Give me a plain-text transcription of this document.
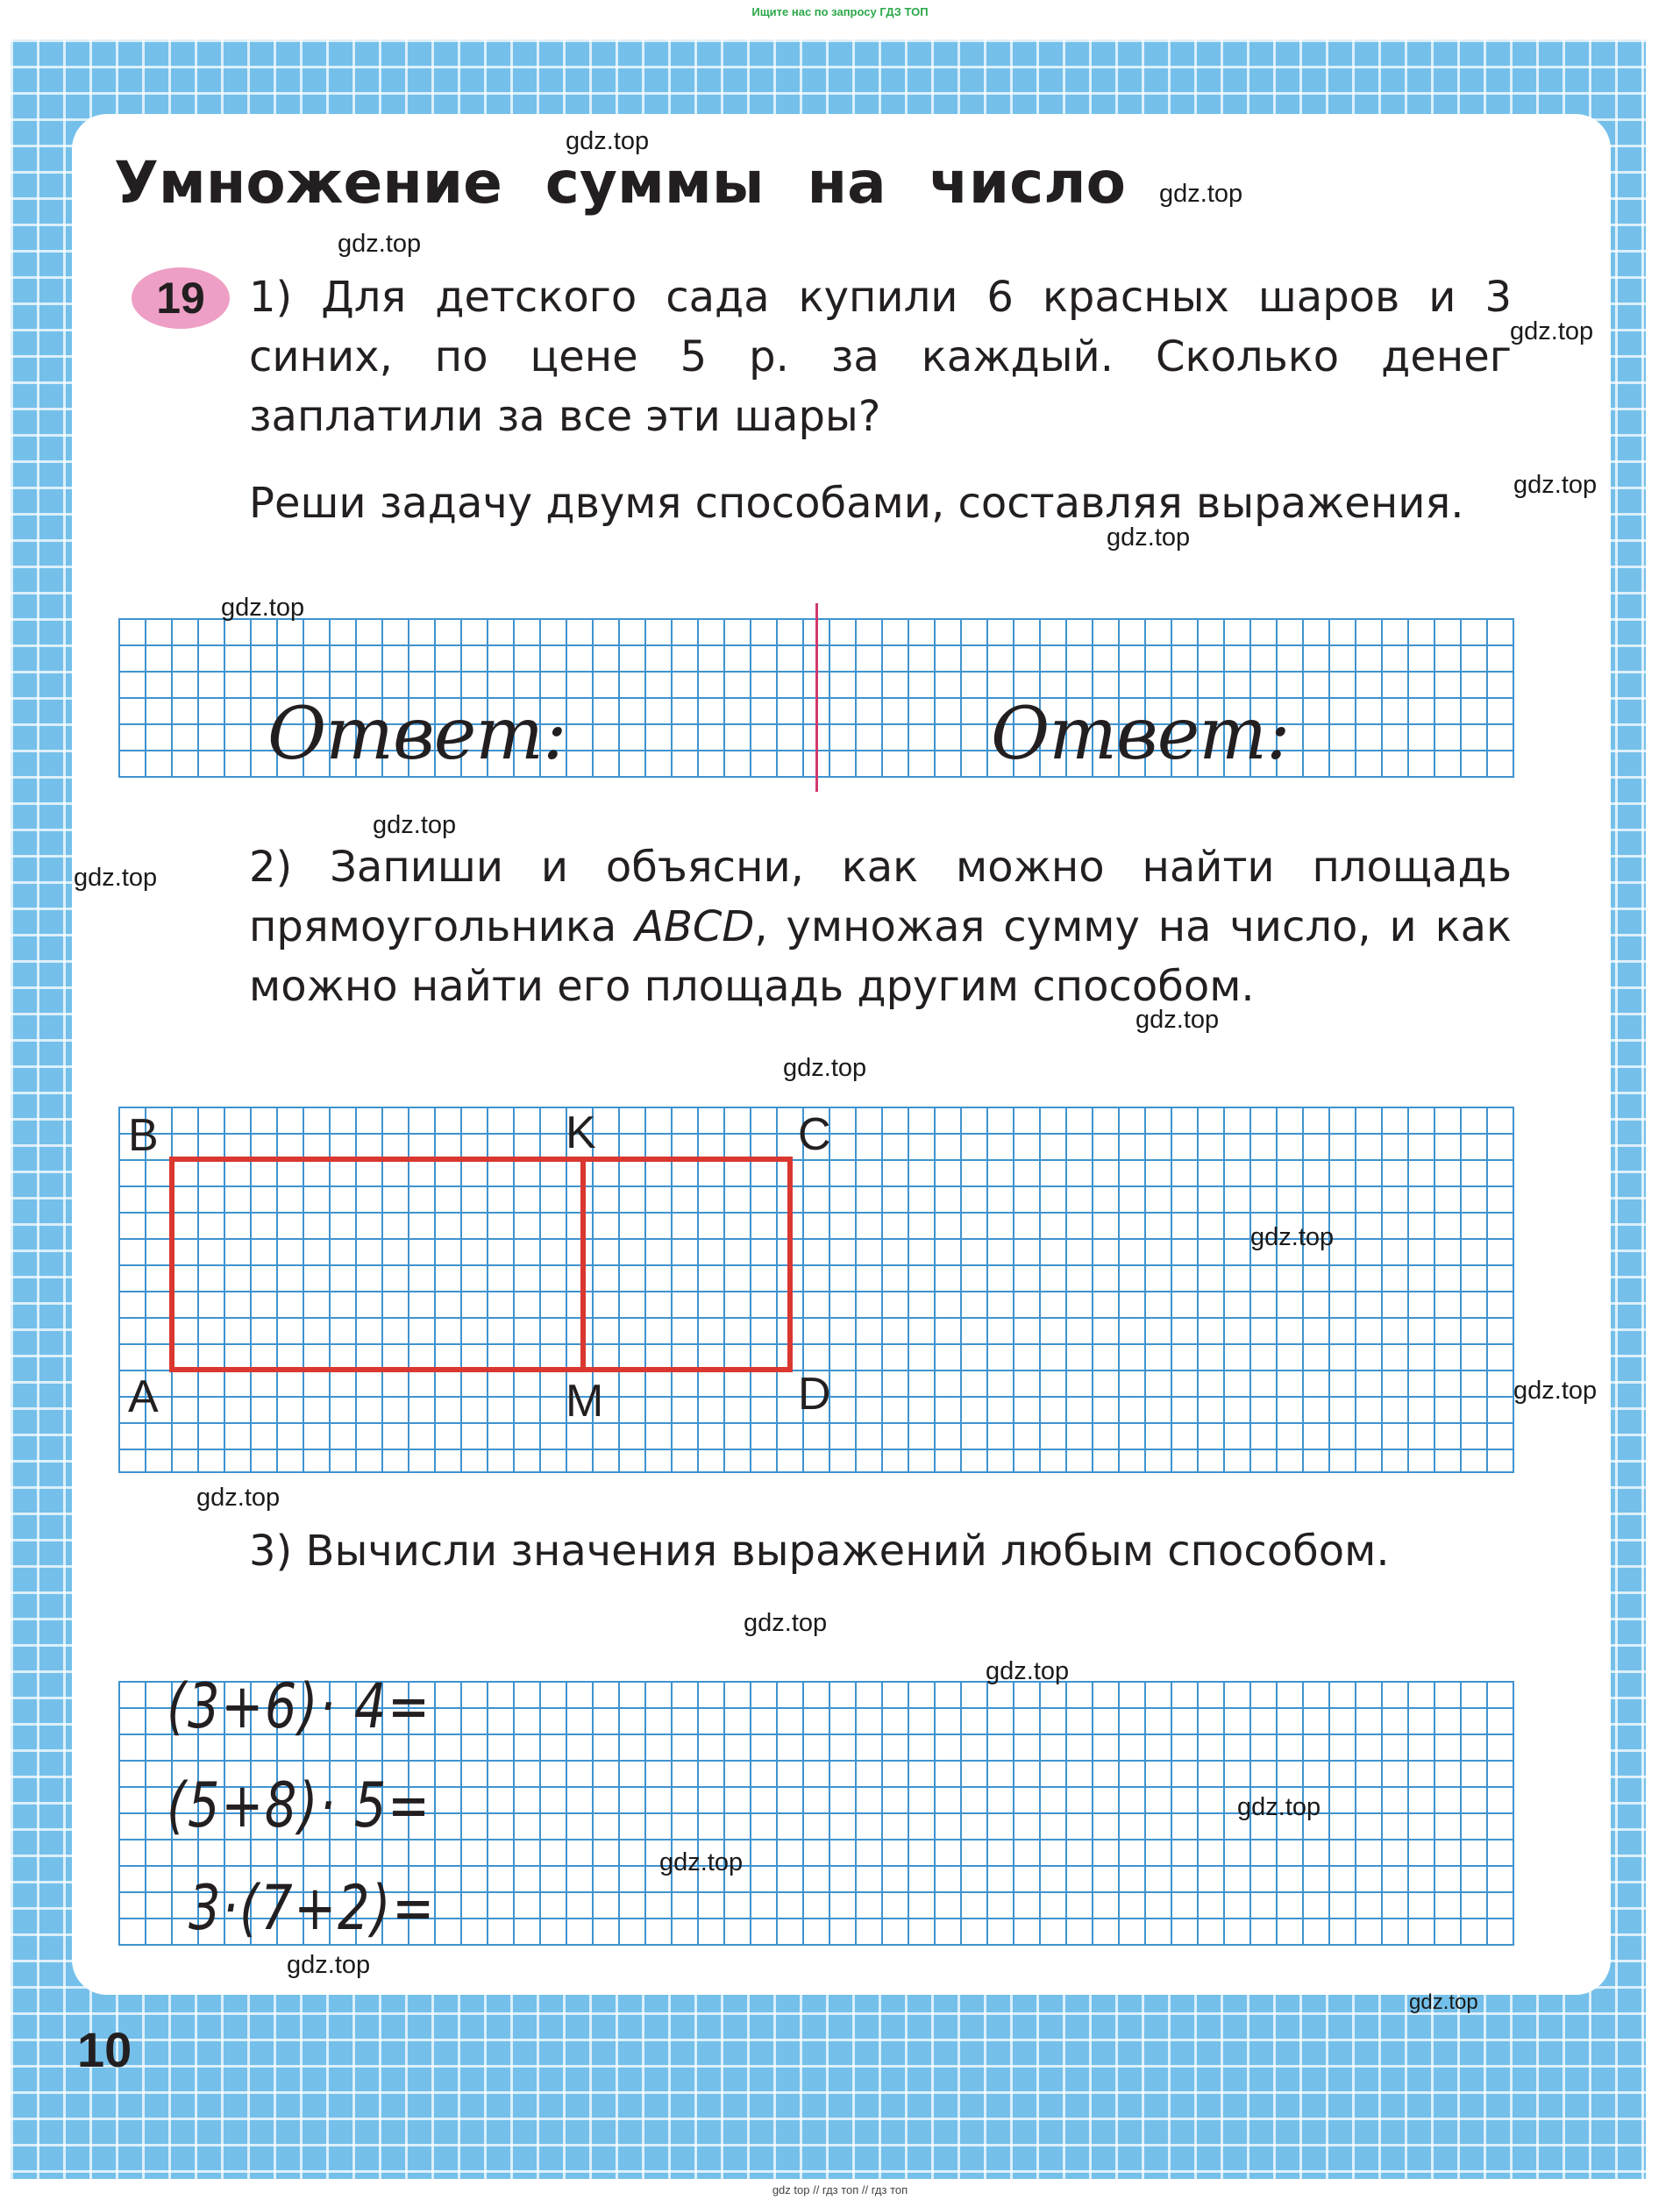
Ищите нас по запросу ГДЗ ТОП
Умножение суммы на число
19	1) Для детского сада купили 6 красных шаров и 3 синих, по цене 5 р. за каждый. Сколько денег заплатили за все эти шары?
Реши задачу двумя способами, составляя выражения.
Ответ:	Ответ:
2) Запиши и объясни, как можно найти площадь прямоугольника ABCD, умножая сумму на число, и как можно найти его площадь другим способом.
B	K	C
A	M	D
3) Вычисли значения выражений любым способом.
(3+6)· 4=
(5+8)· 5=
3·(7+2)=
10
gdz.top
gdz.top
gdz.top
gdz.top
gdz.top
gdz.top
gdz.top
gdz.top
gdz.top
gdz.top
gdz.top
gdz.top
gdz.top
gdz.top
gdz.top
gdz.top
gdz.top
gdz.top
gdz.top
gdz.top
gdz top // гдз топ // гдз топ
